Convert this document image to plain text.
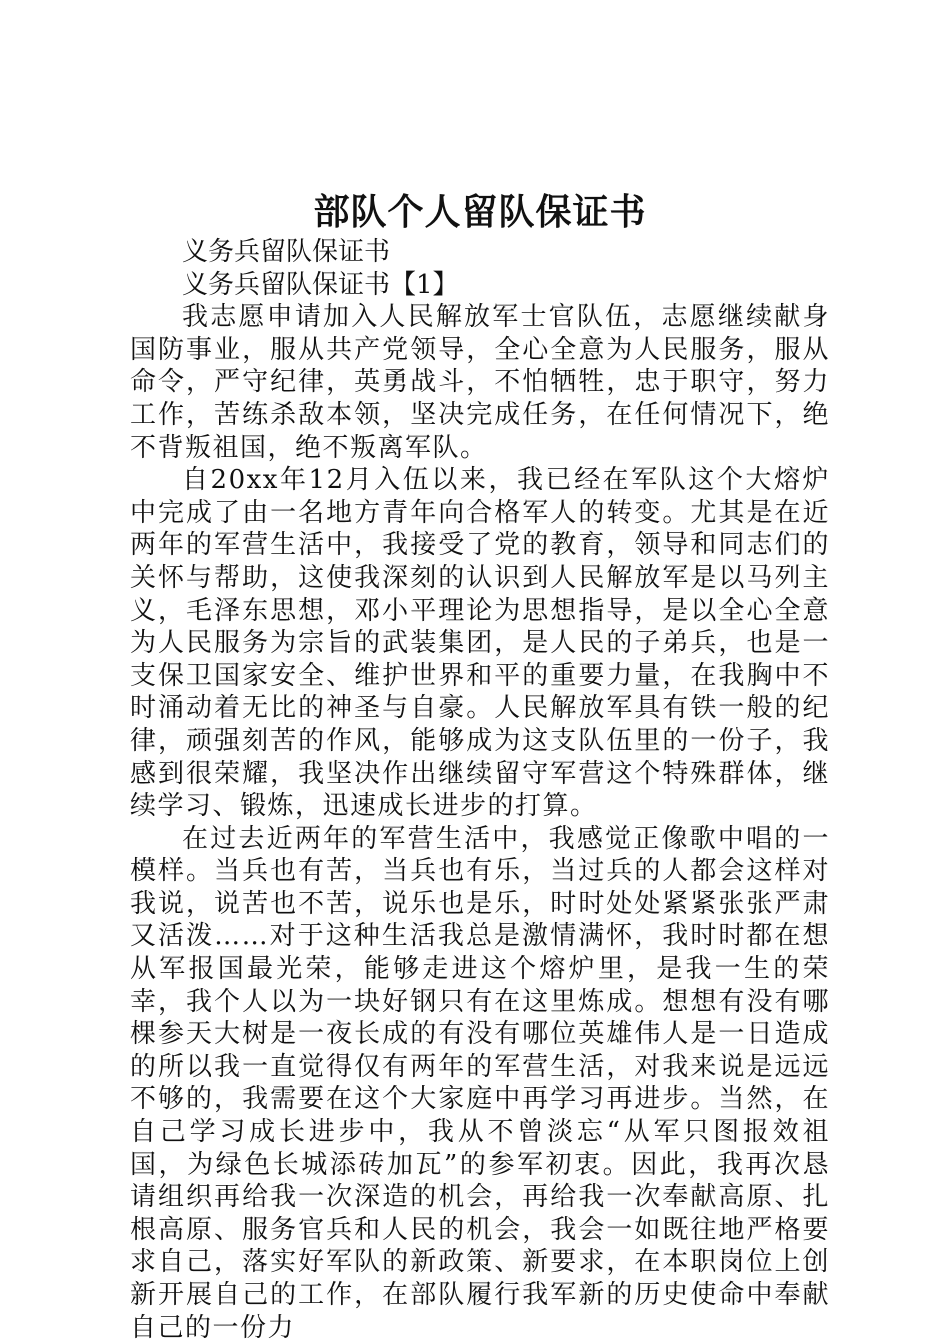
部队个人留队保证书

义务兵留队保证书

义务兵留队保证书【1】

我志愿申请加入人民解放军士官队伍，志愿继续献身国防事业，服从共产党领导，全心全意为人民服务，服从命令，严守纪律，英勇战斗，不怕牺牲，忠于职守，努力工作，苦练杀敌本领，坚决完成任务，在任何情况下，绝不背叛祖国，绝不叛离军队。

自20xx年12月入伍以来，我已经在军队这个大熔炉中完成了由一名地方青年向合格军人的转变。尤其是在近两年的军营生活中，我接受了党的教育，领导和同志们的关怀与帮助，这使我深刻的认识到人民解放军是以马列主义，毛泽东思想，邓小平理论为思想指导，是以全心全意为人民服务为宗旨的武装集团，是人民的子弟兵，也是一支保卫国家安全、维护世界和平的重要力量，在我胸中不时涌动着无比的神圣与自豪。人民解放军具有铁一般的纪律，顽强刻苦的作风，能够成为这支队伍里的一份子，我感到很荣耀，我坚决作出继续留守军营这个特殊群体，继续学习、锻炼，迅速成长进步的打算。

在过去近两年的军营生活中，我感觉正像歌中唱的一模样。当兵也有苦，当兵也有乐，当过兵的人都会这样对我说，说苦也不苦，说乐也是乐，时时处处紧紧张张严肃又活泼……对于这种生活我总是激情满怀，我时时都在想从军报国最光荣，能够走进这个熔炉里，是我一生的荣幸，我个人以为一块好钢只有在这里炼成。想想有没有哪棵参天大树是一夜长成的有没有哪位英雄伟人是一日造成的所以我一直觉得仅有两年的军营生活，对我来说是远远不够的，我需要在这个大家庭中再学习再进步。当然，在自己学习成长进步中，我从不曾淡忘“从军只图报效祖国，为绿色长城添砖加瓦”的参军初衷。因此，我再次恳请组织再给我一次深造的机会，再给我一次奉献高原、扎根高原、服务官兵和人民的机会，我会一如既往地严格要求自己，落实好军队的新政策、新要求，在本职岗位上创新开展自己的工作，在部队履行我军新的历史使命中奉献自己的一份力
